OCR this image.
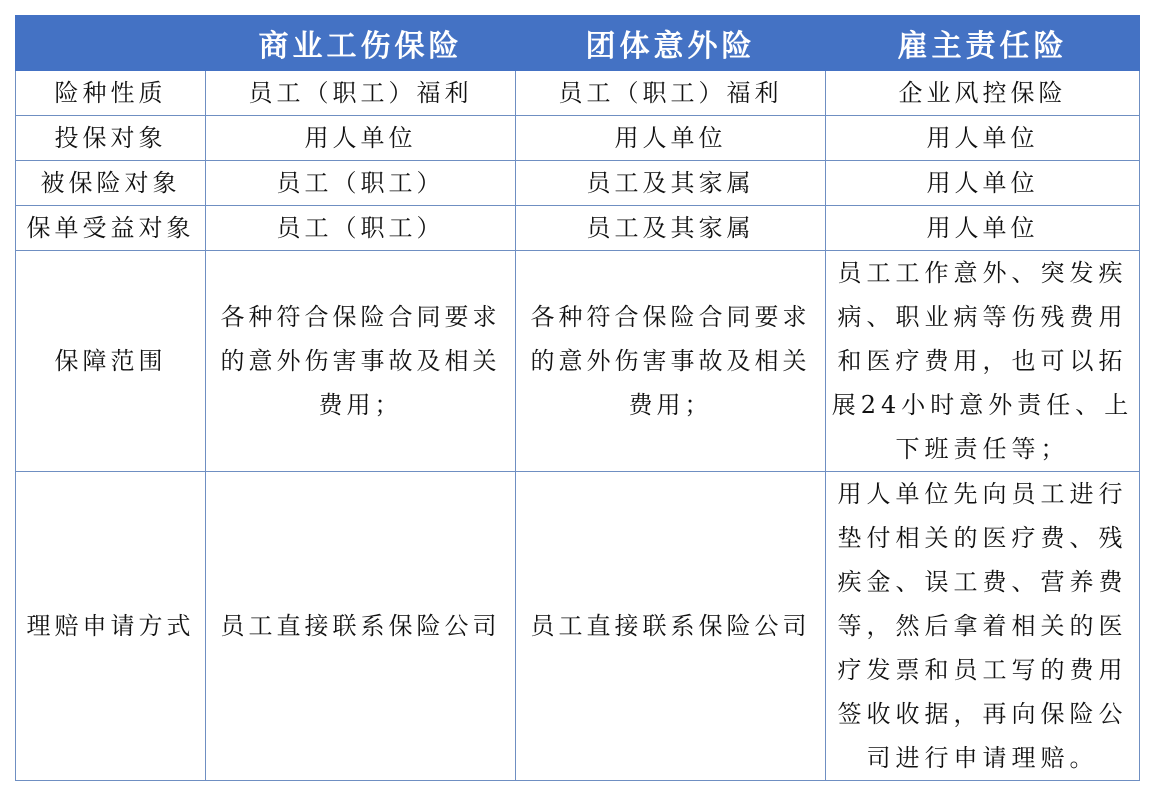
	商业工伤保险	团体意外险	雇主责任险
险种性质	员工（职工）福利	员工（职工）福利	企业风控保险
投保对象	用人单位	用人单位	用人单位
被保险对象	员工（职工）	员工及其家属	用人单位
保单受益对象	员工（职工）	员工及其家属	用人单位
保障范围	各种符合保险合同要求的意外伤害事故及相关费用；	各种符合保险合同要求的意外伤害事故及相关费用；	员工工作意外、突发疾病、职业病等伤残费用和医疗费用，也可以拓展24小时意外责任、上下班责任等；
理赔申请方式	员工直接联系保险公司	员工直接联系保险公司	用人单位先向员工进行垫付相关的医疗费、残疾金、误工费、营养费等，然后拿着相关的医疗发票和员工写的费用签收收据，再向保险公司进行申请理赔。
